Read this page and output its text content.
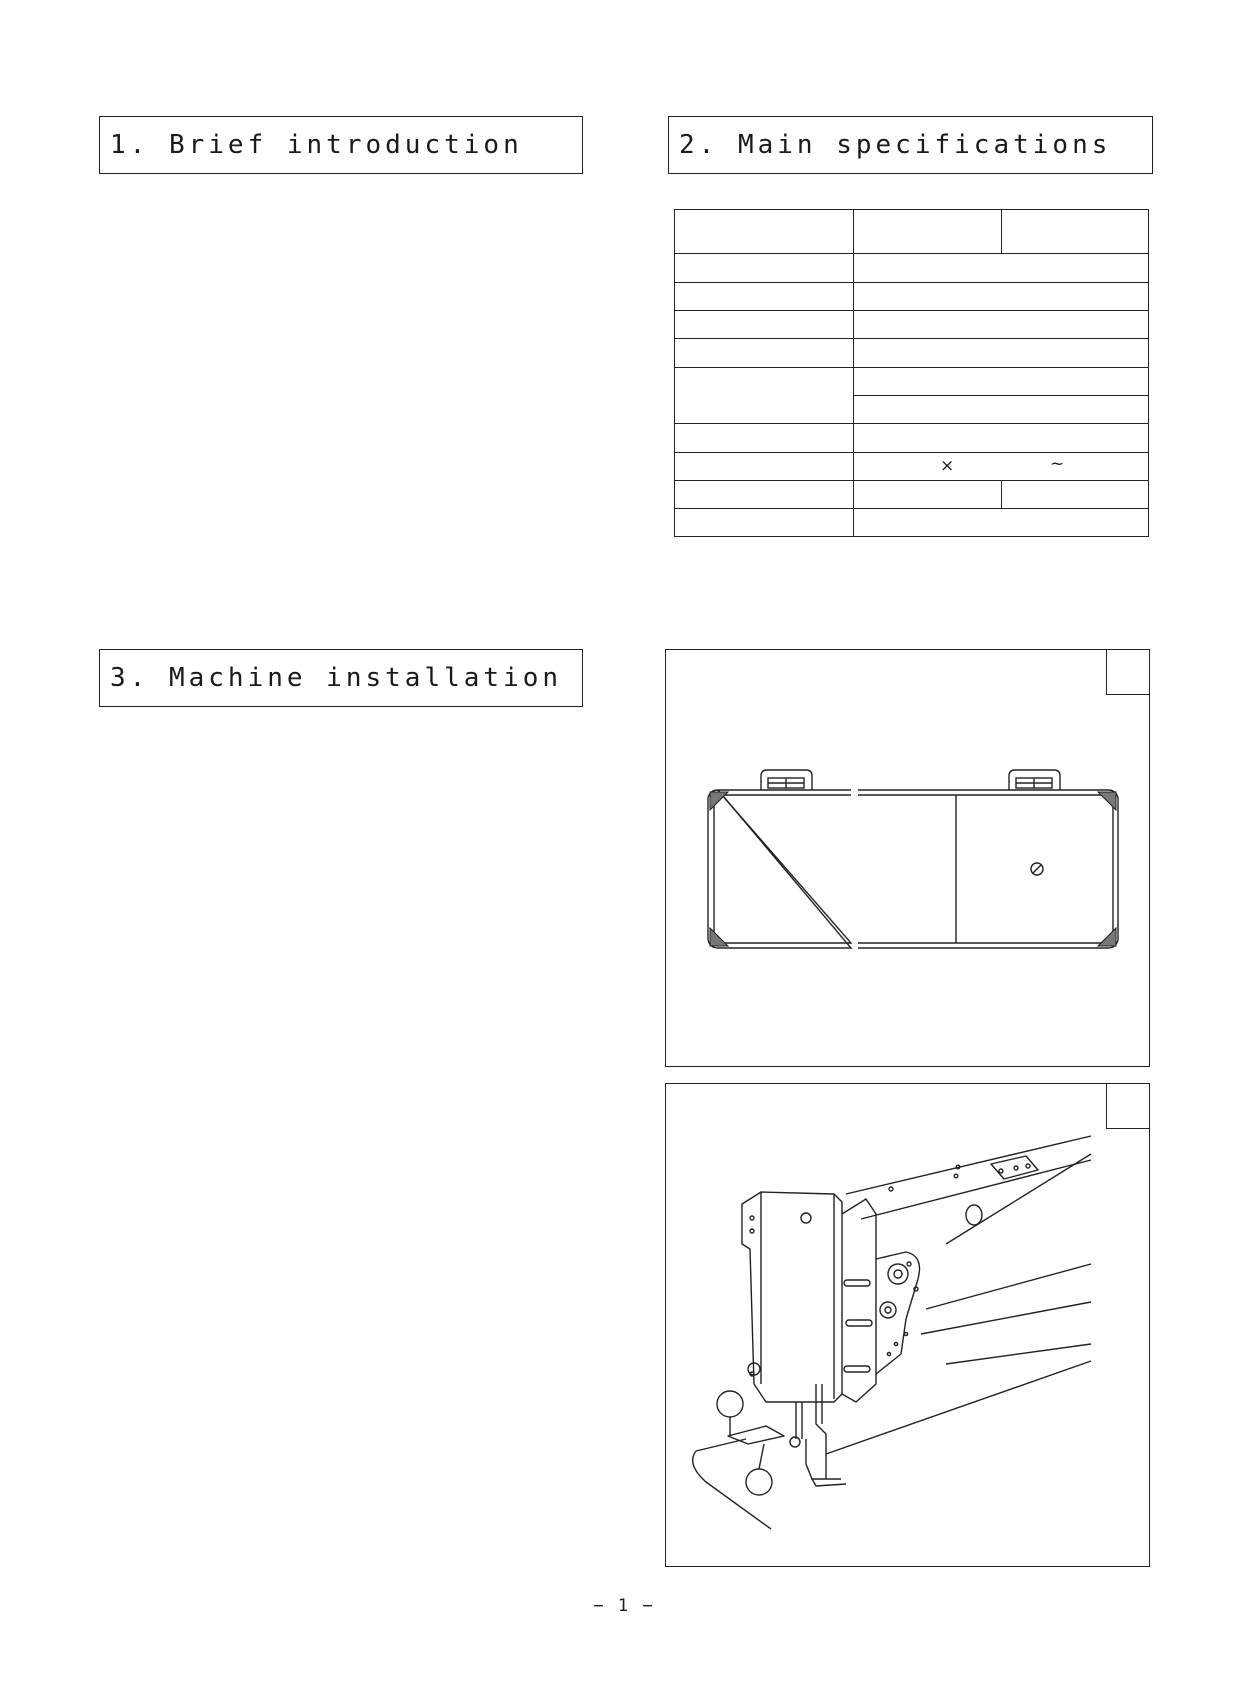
1. Brief introduction	2. Main specifications
3. Machine installation

	× ~	

− 1 −
